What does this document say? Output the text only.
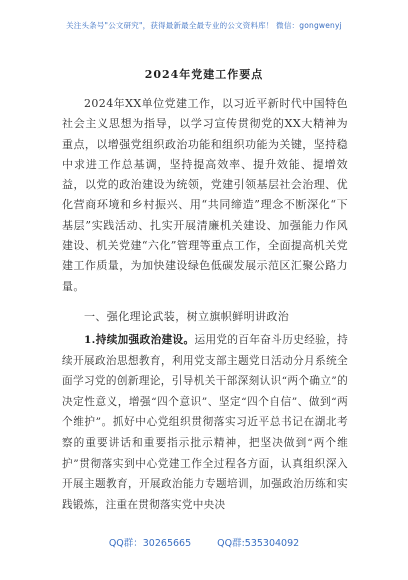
关注头条号"公文研究"，获得最新最全最专业的公文资料库！ 微信：gongwenyj
2024年党建工作要点

2024年XX单位党建工作，以习近平新时代中国特色社会主义思想为指导，以学习宣传贯彻党的XX大精神为重点，以增强党组织政治功能和组织功能为关键，坚持稳中求进工作总基调，坚持提高效率、提升效能、提增效益，以党的政治建设为统领，党建引领基层社会治理、优化营商环境和乡村振兴、用“共同缔造”理念不断深化“下基层”实践活动、扎实开展清廉机关建设、加强能力作风建设、机关党建“六化”管理等重点工作，全面提高机关党建工作质量，为加快建设绿色低碳发展示范区汇聚公路力量。

一、强化理论武装，树立旗帜鲜明讲政治

1.持续加强政治建设。运用党的百年奋斗历史经验，持续开展政治思想教育，利用党支部主题党日活动分月系统全面学习党的创新理论，引导机关干部深刻认识“两个确立”的决定性意义，增强“四个意识”、坚定“四个自信”、做到“两个维护”。抓好中心党组织贯彻落实习近平总书记在湖北考察的重要讲话和重要指示批示精神，把坚决做到“两个维护”贯彻落实到中心党建工作全过程各方面，认真组织深入开展主题教育，开展政治能力专题培训，加强政治历练和实践锻炼，注重在贯彻落实党中央决

QQ群：30265665	QQ群:535304092
